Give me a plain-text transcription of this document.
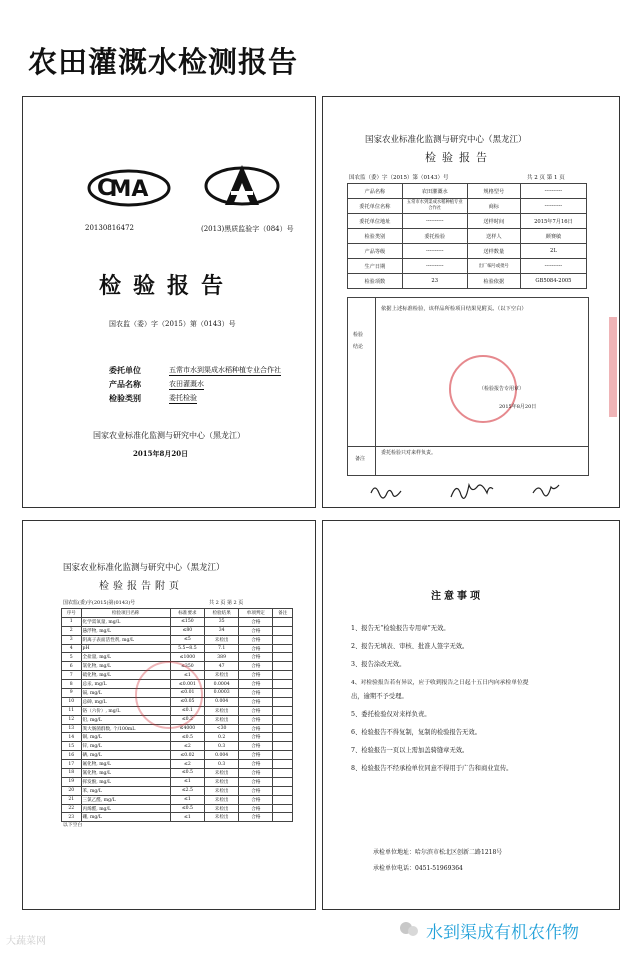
农田灌溉水检测报告
MA
C
20130816472	(2013)黑质监验字（084）号
检验报告
国农监（委）字（2015）第（0143）号
委托单位	五常市水到渠成水稻种植专业合作社
产品名称	农田灌溉水
检验类别	委托检验
国家农业标准化监测与研究中心（黑龙江）
2015年8月20日
国家农业标准化监测与研究中心（黑龙江）
检验报告
国农监（委）字（2015）第（0143）号	共 2 页 第 1 页
产品名称	农田灌溉水	规格型号	----------
委托单位名称	五常市水到渠成水稻种植专业合作社	商标	----------
委托单位地址	----------	送样时间	2015年7月16日
检验类别	委托检验	送样人	颜赛敏
产品等级	----------	送样数量	2L
生产日期	----------	出厂编号或批号	----------
检验项数	23	检验依据	GB5084-2005
检验结论
依据上述标准检验，该样品所检项目结果见附页。（以下空白）
（检验报告专用章）
2015年8月20日
备注
委托检验只对来样负责。
国家农业标准化监测与研究中心（黑龙江）
检验报告附页
国农监(委)字(2015)第(0143)号	共 2 页 第 2 页
序号	检验项目名称	标准要求	检验结果	单项判定	备注
1	化学需氧量, mg/L	≤150	35	合格	
2	悬浮物, mg/L	≤80	34	合格	
3	阴离子表面活性剂, mg/L	≤5	未检出	合格	
4	pH	5.5~8.5	7.1	合格	
5	全盐量, mg/L	≤1000	389	合格	
6	氯化物, mg/L	≤350	47	合格	
7	硫化物, mg/L	≤1	未检出	合格	
8	总汞, mg/L	≤0.001	0.0004	合格	
9	镉, mg/L	≤0.01	0.0003	合格	
10	总砷, mg/L	≤0.05	0.004	合格	
11	铬（六价）, mg/L	≤0.1	未检出	合格	
12	铅, mg/L	≤0.2	未检出	合格	
13	粪大肠菌群数, 个/100mL	≤4000	<30	合格	
14	铜, mg/L	≤0.5	0.2	合格	
15	锌, mg/L	≤2	0.3	合格	
16	硒, mg/L	≤0.02	0.004	合格	
17	氟化物, mg/L	≤2	0.3	合格	
18	氰化物, mg/L	≤0.5	未检出	合格	
19	挥发酚, mg/L	≤1	未检出	合格	
20	苯, mg/L	≤2.5	未检出	合格	
21	三氯乙醛, mg/L	≤1	未检出	合格	
22	丙烯醛, mg/L	≤0.5	未检出	合格	
23	硼, mg/L	≤1	未检出	合格	
以下空白
注意事项
1、报告无“检验报告专用章”无效。
2、报告无填表、审核、批准人签字无效。
3、报告涂改无效。
4、对检验报告若有异议，应于收到报告之日起十五日内向承检单位提
出，逾期不予受理。
5、委托检验仅对来样负责。
6、检验报告不得复制，复制的检验报告无效。
7、检验报告一页以上需加盖骑缝章无效。
8、检验报告不经承检单位同意不得用于广告和商业宣传。
承检单位地址：哈尔滨市松北区创新二路1218号
承检单位电话：0451-51969364
大蔬菜网	水到渠成有机农作物
